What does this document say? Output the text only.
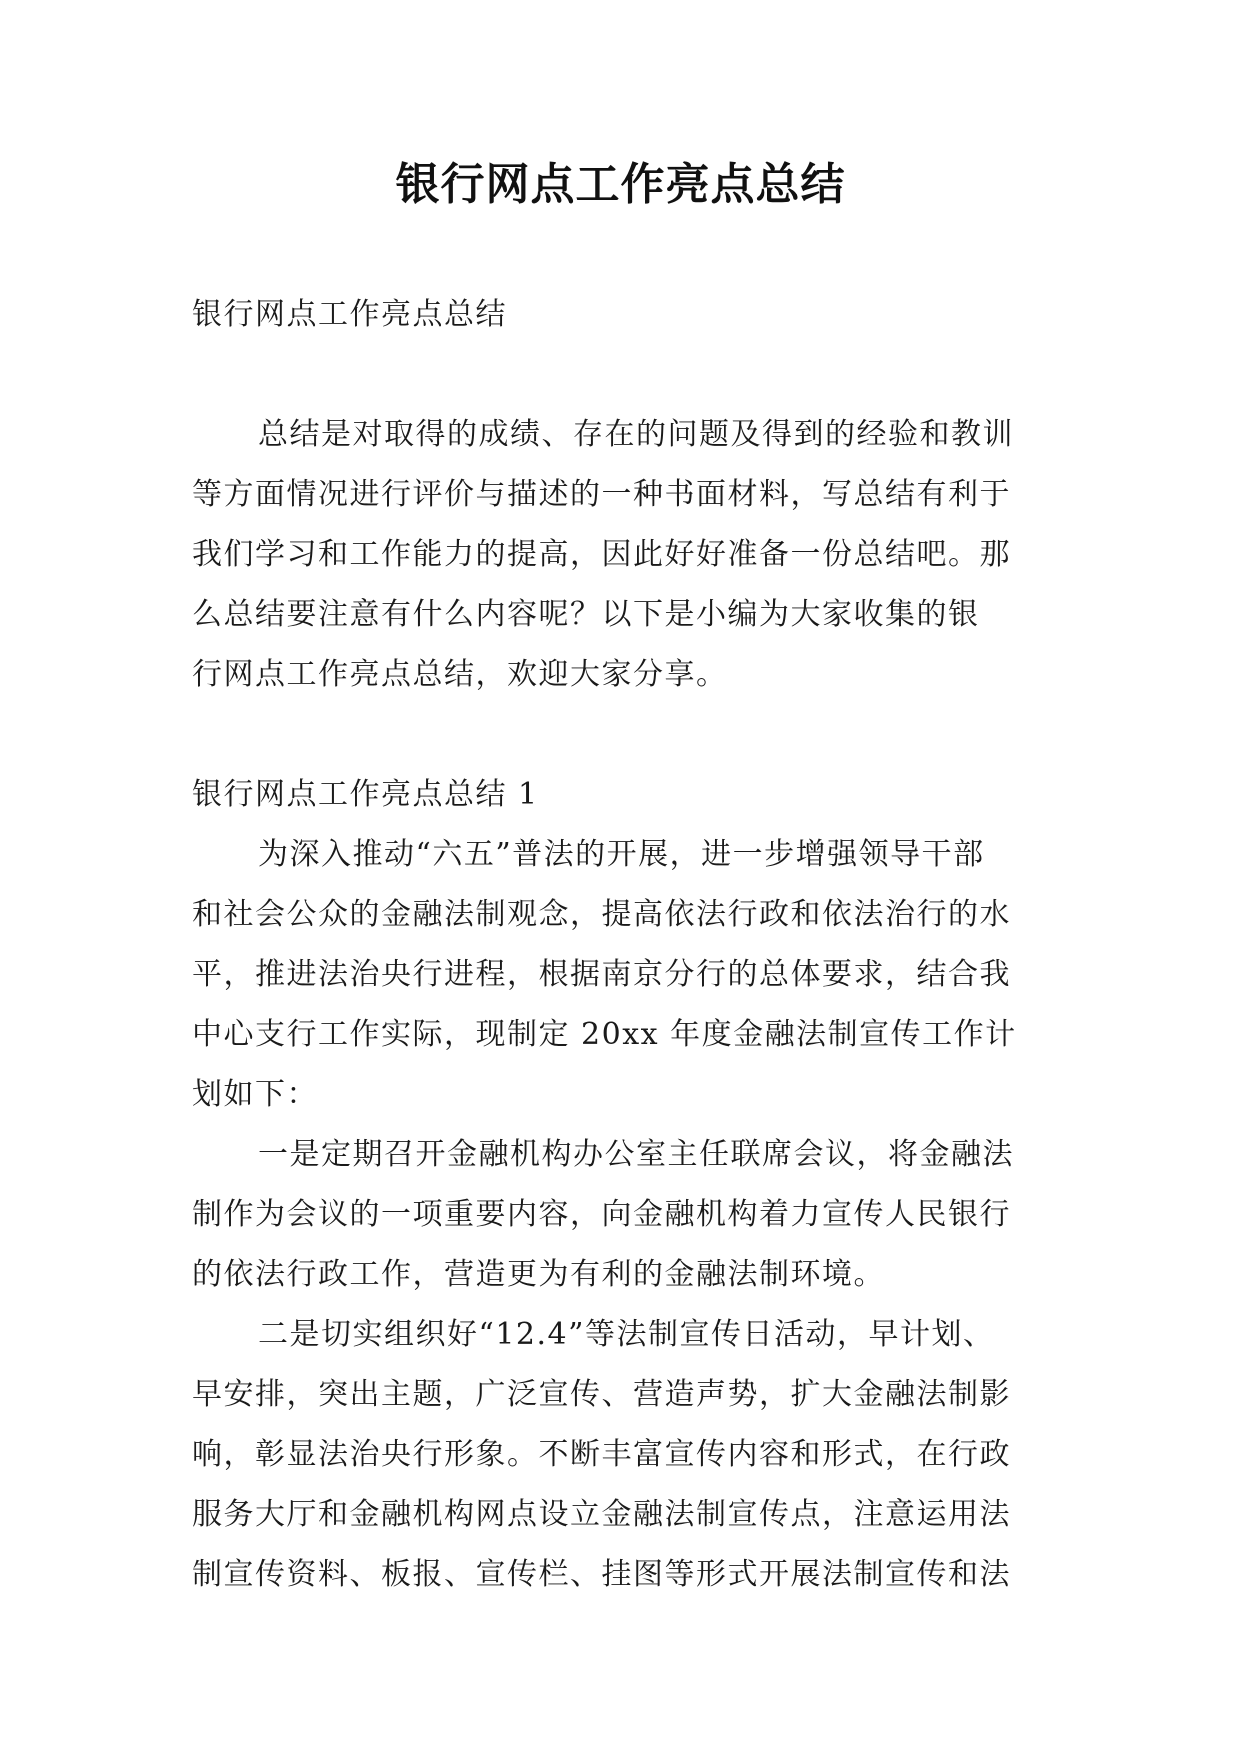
银行网点工作亮点总结
银行网点工作亮点总结
总结是对取得的成绩、存在的问题及得到的经验和教训
等方面情况进行评价与描述的一种书面材料，写总结有利于
我们学习和工作能力的提高，因此好好准备一份总结吧。那
么总结要注意有什么内容呢？以下是小编为大家收集的银
行网点工作亮点总结，欢迎大家分享。
银行网点工作亮点总结 1
为深入推动“六五”普法的开展，进一步增强领导干部
和社会公众的金融法制观念，提高依法行政和依法治行的水
平，推进法治央行进程，根据南京分行的总体要求，结合我
中心支行工作实际，现制定 20xx 年度金融法制宣传工作计
划如下：
一是定期召开金融机构办公室主任联席会议，将金融法
制作为会议的一项重要内容，向金融机构着力宣传人民银行
的依法行政工作，营造更为有利的金融法制环境。
二是切实组织好“12.4”等法制宣传日活动，早计划、
早安排，突出主题，广泛宣传、营造声势，扩大金融法制影
响，彰显法治央行形象。不断丰富宣传内容和形式，在行政
服务大厅和金融机构网点设立金融法制宣传点，注意运用法
制宣传资料、板报、宣传栏、挂图等形式开展法制宣传和法
